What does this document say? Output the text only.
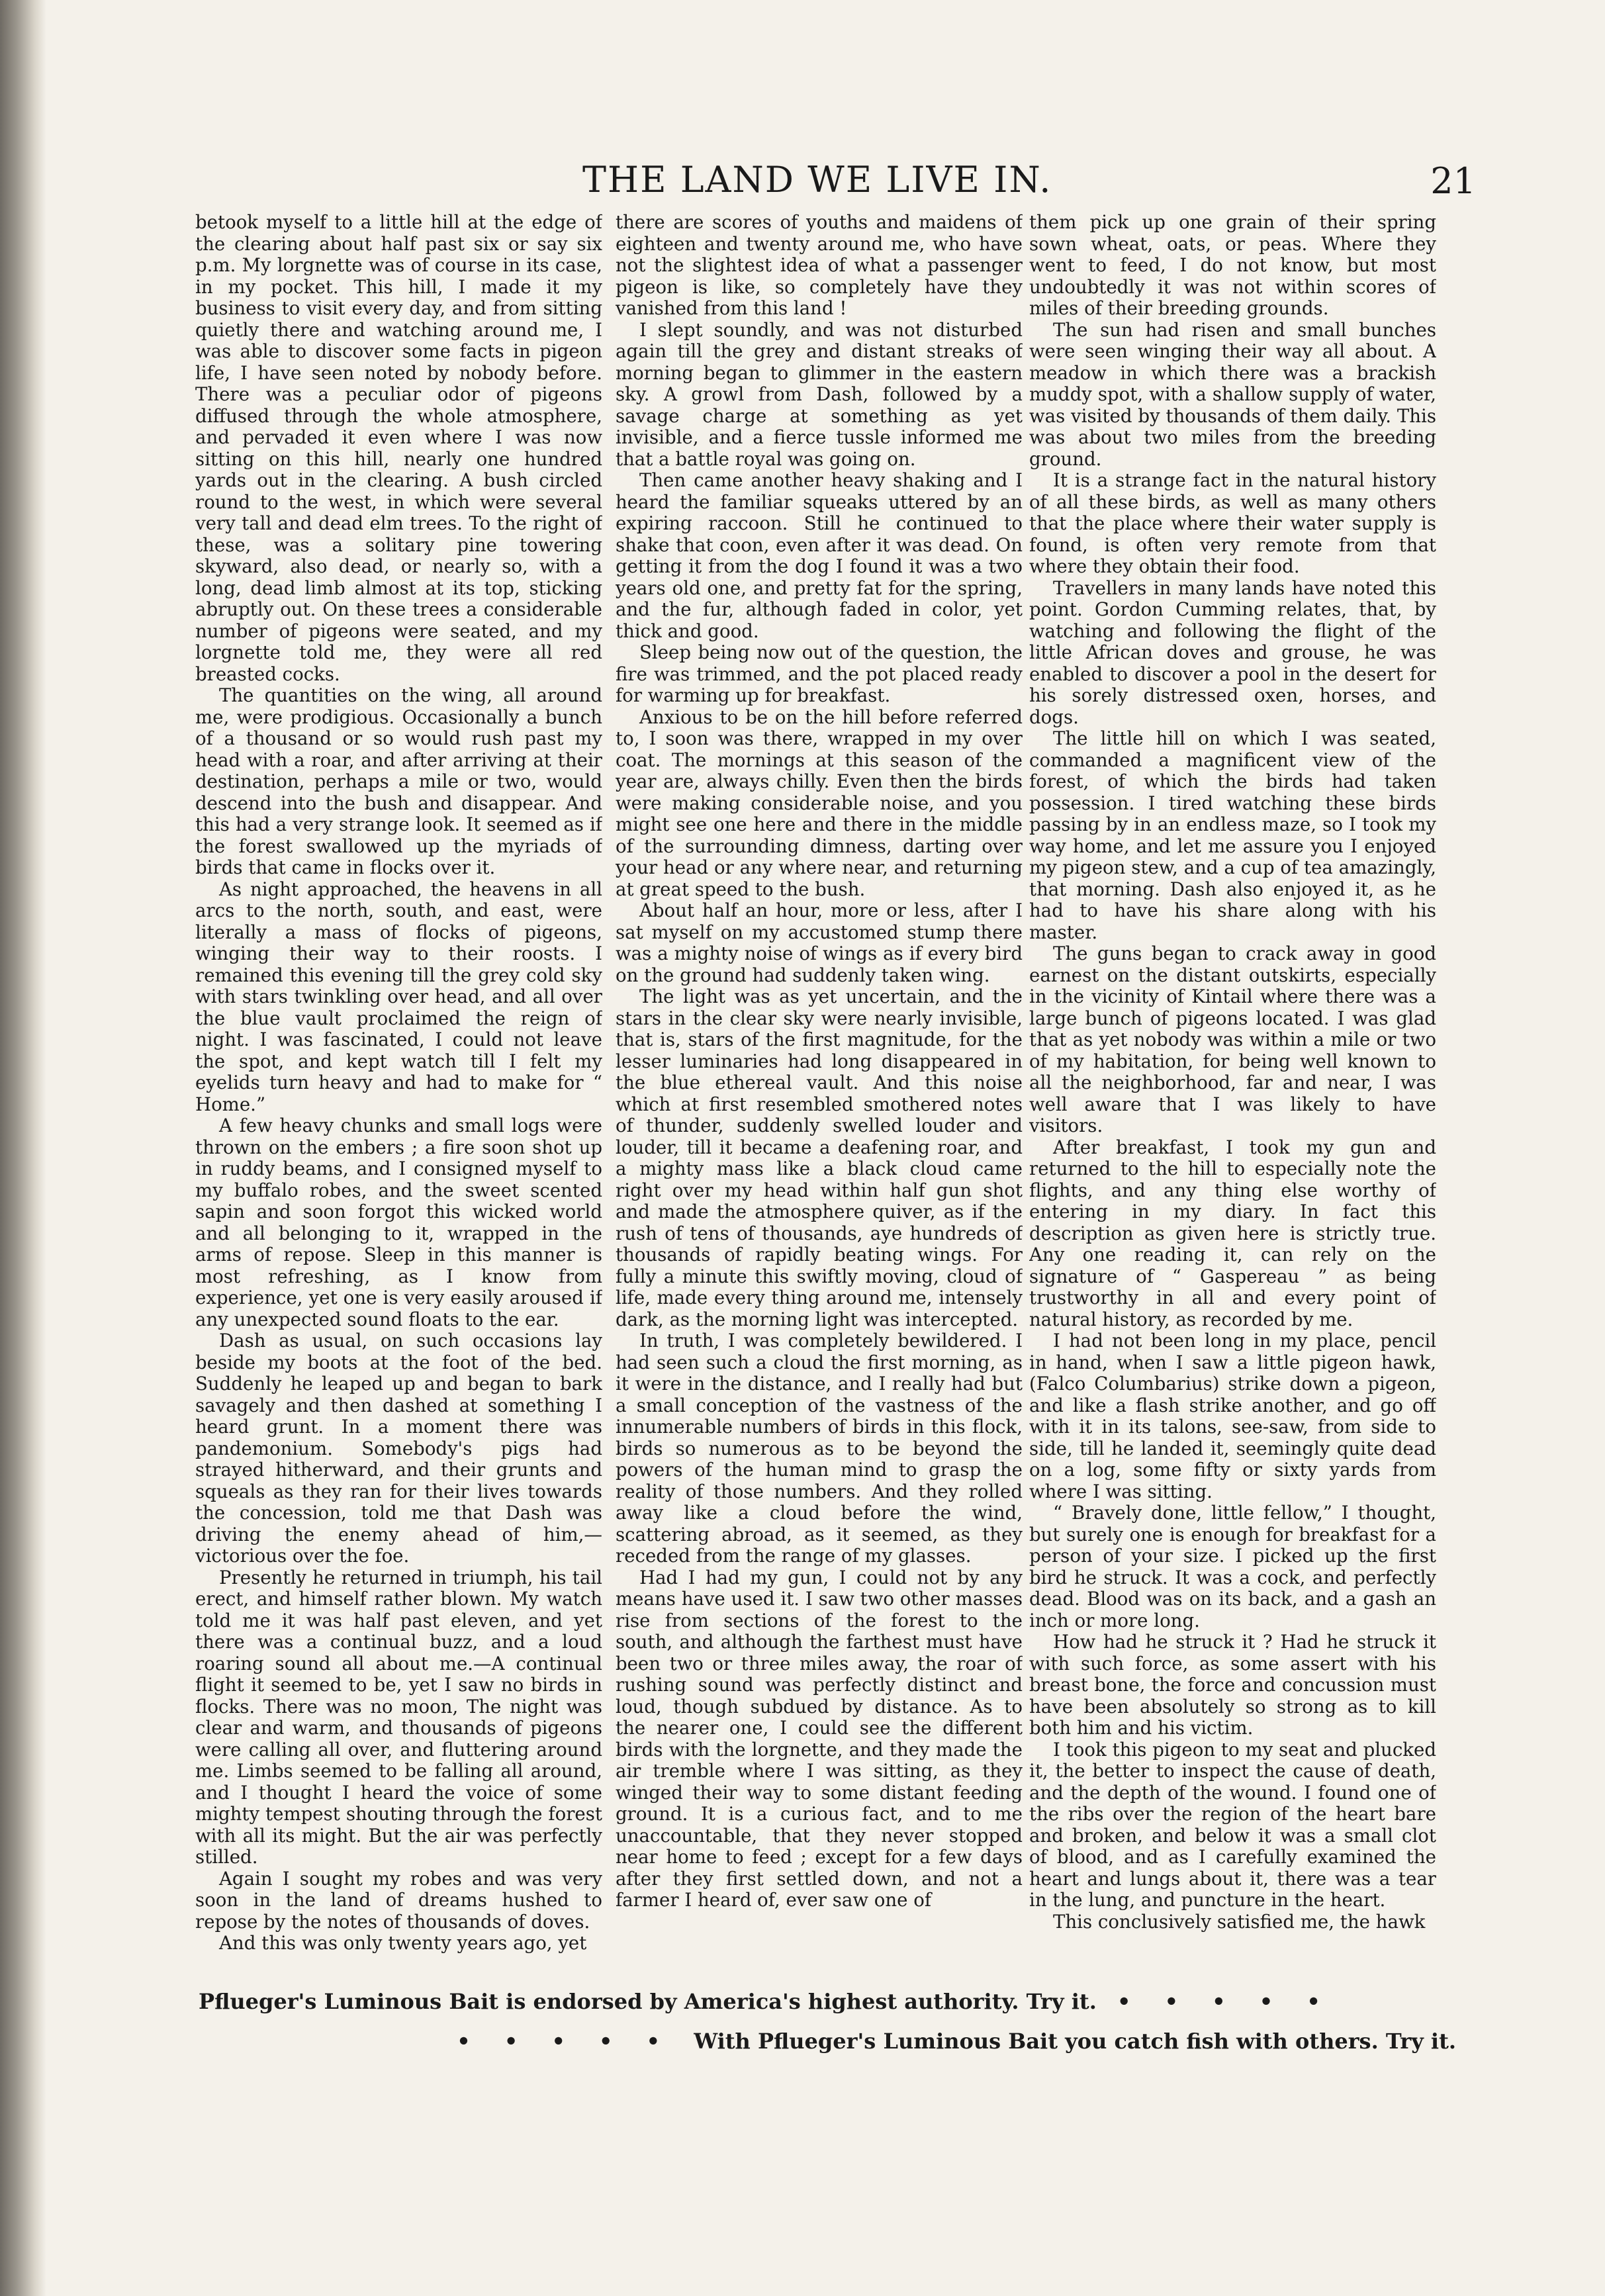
THE LAND WE LIVE IN.	21

betook myself to a little hill at the edge of the clearing about half past six or say six p.m. My lorgnette was of course in its case, in my pocket. This hill, I made it my business to visit every day, and from sitting quietly there and watching around me, I was able to discover some facts in pigeon life, I have seen noted by nobody before. There was a peculiar odor of pigeons diffused through the whole atmosphere, and pervaded it even where I was now sitting on this hill, nearly one hundred yards out in the clearing. A bush circled round to the west, in which were several very tall and dead elm trees. To the right of these, was a solitary pine towering skyward, also dead, or nearly so, with a long, dead limb almost at its top, sticking abruptly out. On these trees a considerable number of pigeons were seated, and my lorgnette told me, they were all red breasted cocks.

The quantities on the wing, all around me, were prodigious. Occasionally a bunch of a thousand or so would rush past my head with a roar, and after arriving at their destination, perhaps a mile or two, would descend into the bush and disappear. And this had a very strange look. It seemed as if the forest swallowed up the myriads of birds that came in flocks over it.

As night approached, the heavens in all arcs to the north, south, and east, were literally a mass of flocks of pigeons, winging their way to their roosts. I remained this evening till the grey cold sky with stars twinkling over head, and all over the blue vault proclaimed the reign of night. I was fascinated, I could not leave the spot, and kept watch till I felt my eyelids turn heavy and had to make for “ Home.”

A few heavy chunks and small logs were thrown on the embers ; a fire soon shot up in ruddy beams, and I consigned myself to my buffalo robes, and the sweet scented sapin and soon forgot this wicked world and all belonging to it, wrapped in the arms of repose. Sleep in this manner is most refreshing, as I know from experience, yet one is very easily aroused if any unexpected sound floats to the ear.

Dash as usual, on such occasions lay beside my boots at the foot of the bed. Suddenly he leaped up and began to bark savagely and then dashed at something I heard grunt. In a moment there was pandemonium. Somebody's pigs had strayed hitherward, and their grunts and squeals as they ran for their lives towards the concession, told me that Dash was driving the enemy ahead of him,—victorious over the foe.

Presently he returned in triumph, his tail erect, and himself rather blown. My watch told me it was half past eleven, and yet there was a continual buzz, and a loud roaring sound all about me.—A continual flight it seemed to be, yet I saw no birds in flocks. There was no moon, The night was clear and warm, and thousands of pigeons were calling all over, and fluttering around me. Limbs seemed to be falling all around, and I thought I heard the voice of some mighty tempest shouting through the forest with all its might. But the air was perfectly stilled.

Again I sought my robes and was very soon in the land of dreams hushed to repose by the notes of thousands of doves.

And this was only twenty years ago, yet

there are scores of youths and maidens of eighteen and twenty around me, who have not the slightest idea of what a passenger pigeon is like, so completely have they vanished from this land !

I slept soundly, and was not disturbed again till the grey and distant streaks of morning began to glimmer in the eastern sky. A growl from Dash, followed by a savage charge at something as yet invisible, and a fierce tussle informed me that a battle royal was going on.

Then came another heavy shaking and I heard the familiar squeaks uttered by an expiring raccoon. Still he continued to shake that coon, even after it was dead. On getting it from the dog I found it was a two years old one, and pretty fat for the spring, and the fur, although faded in color, yet thick and good.

Sleep being now out of the question, the fire was trimmed, and the pot placed ready for warming up for breakfast.

Anxious to be on the hill before referred to, I soon was there, wrapped in my over coat. The mornings at this season of the year are, always chilly. Even then the birds were making considerable noise, and you might see one here and there in the middle of the surrounding dimness, darting over your head or any where near, and returning at great speed to the bush.

About half an hour, more or less, after I sat myself on my accustomed stump there was a mighty noise of wings as if every bird on the ground had suddenly taken wing.

The light was as yet uncertain, and the stars in the clear sky were nearly invisible, that is, stars of the first magnitude, for the lesser luminaries had long disappeared in the blue ethereal vault. And this noise which at first resembled smothered notes of thunder, suddenly swelled louder and louder, till it became a deafening roar, and a mighty mass like a black cloud came right over my head within half gun shot and made the atmosphere quiver, as if the rush of tens of thousands, aye hundreds of thousands of rapidly beating wings. For fully a minute this swiftly moving, cloud of life, made every thing around me, intensely dark, as the morning light was intercepted.

In truth, I was completely bewildered. I had seen such a cloud the first morning, as it were in the distance, and I really had but a small conception of the vastness of the innumerable numbers of birds in this flock, birds so numerous as to be beyond the powers of the human mind to grasp the reality of those numbers. And they rolled away like a cloud before the wind, scattering abroad, as it seemed, as they receded from the range of my glasses.

Had I had my gun, I could not by any means have used it. I saw two other masses rise from sections of the forest to the south, and although the farthest must have been two or three miles away, the roar of rushing sound was perfectly distinct and loud, though subdued by distance. As to the nearer one, I could see the different birds with the lorgnette, and they made the air tremble where I was sitting, as they winged their way to some distant feeding ground. It is a curious fact, and to me unaccountable, that they never stopped near home to feed ; except for a few days after they first settled down, and not a farmer I heard of, ever saw one of

them pick up one grain of their spring sown wheat, oats, or peas. Where they went to feed, I do not know, but most undoubtedly it was not within scores of miles of their breeding grounds.

The sun had risen and small bunches were seen winging their way all about. A meadow in which there was a brackish muddy spot, with a shallow supply of water, was visited by thousands of them daily. This was about two miles from the breeding ground.

It is a strange fact in the natural history of all these birds, as well as many others that the place where their water supply is found, is often very remote from that where they obtain their food.

Travellers in many lands have noted this point. Gordon Cumming relates, that, by watching and following the flight of the little African doves and grouse, he was enabled to discover a pool in the desert for his sorely distressed oxen, horses, and dogs.

The little hill on which I was seated, commanded a magnificent view of the forest, of which the birds had taken possession. I tired watching these birds passing by in an endless maze, so I took my way home, and let me assure you I enjoyed my pigeon stew, and a cup of tea amazingly, that morning. Dash also enjoyed it, as he had to have his share along with his master.

The guns began to crack away in good earnest on the distant outskirts, especially in the vicinity of Kintail where there was a large bunch of pigeons located. I was glad that as yet nobody was within a mile or two of my habitation, for being well known to all the neighborhood, far and near, I was well aware that I was likely to have visitors.

After breakfast, I took my gun and returned to the hill to especially note the flights, and any thing else worthy of entering in my diary. In fact this description as given here is strictly true. Any one reading it, can rely on the signature of “ Gaspereau ” as being trustworthy in all and every point of natural history, as recorded by me.

I had not been long in my place, pencil in hand, when I saw a little pigeon hawk, (Falco Columbarius) strike down a pigeon, and like a flash strike another, and go off with it in its talons, see-saw, from side to side, till he landed it, seemingly quite dead on a log, some fifty or sixty yards from where I was sitting.

“ Bravely done, little fellow,” I thought, but surely one is enough for breakfast for a person of your size. I picked up the first bird he struck. It was a cock, and perfectly dead. Blood was on its back, and a gash an inch or more long.

How had he struck it ? Had he struck it with such force, as some assert with his breast bone, the force and concussion must have been absolutely so strong as to kill both him and his victim.

I took this pigeon to my seat and plucked it, the better to inspect the cause of death, and the depth of the wound. I found one of the ribs over the region of the heart bare and broken, and below it was a small clot of blood, and as I carefully examined the heart and lungs about it, there was a tear in the lung, and puncture in the heart.

This conclusively satisfied me, the hawk

Pflueger's Luminous Bait is endorsed by America's highest authority. Try it. • • • • •
• • • • • With Pflueger's Luminous Bait you catch fish with others. Try it.
